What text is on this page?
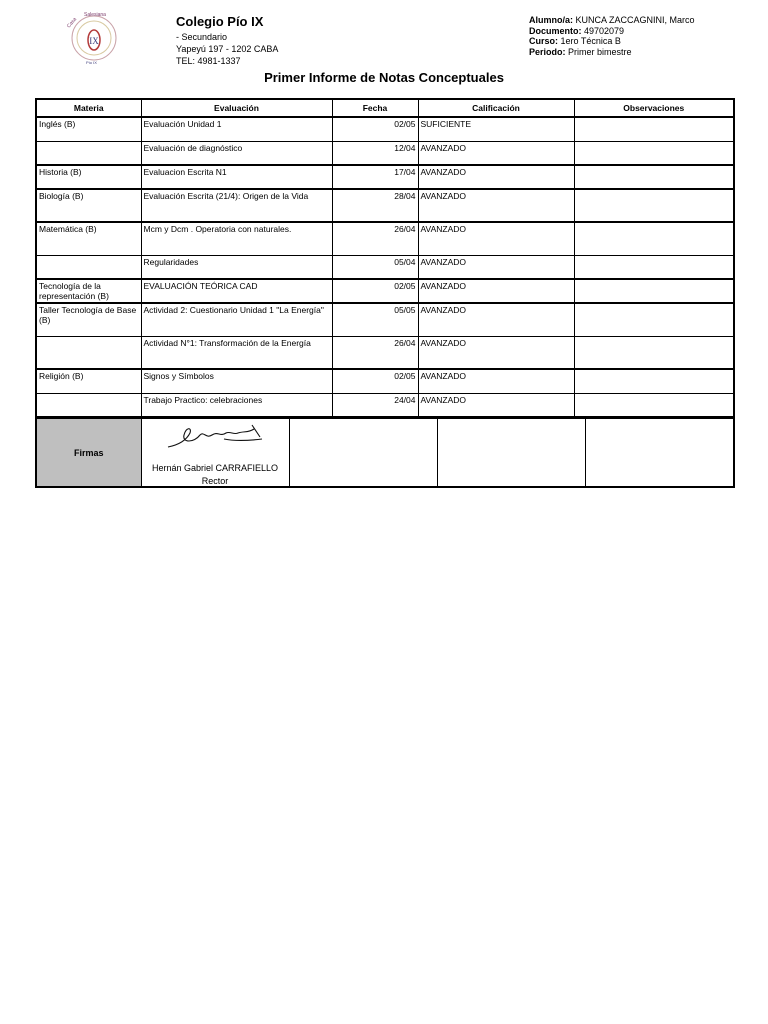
IX
Casa
Salesiana
Pío IX
Colegio Pío IX
- Secundario
Yapeyú 197 - 1202 CABA
TEL: 4981-1337
Alumno/a: KUNCA ZACCAGNINI, Marco
Documento: 49702079
Curso: 1ero Técnica B
Periodo: Primer bimestre
Primer Informe de Notas Conceptuales
Materia	Evaluación	Fecha	Calificación	Observaciones
Inglés (B)	Evaluación Unidad 1	02/05	SUFICIENTE	
	Evaluación de diagnóstico	12/04	AVANZADO	
Historia (B)	Evaluacion Escrita N1	17/04	AVANZADO	
Biología (B)	Evaluación Escrita (21/4): Origen de la Vida	28/04	AVANZADO	
Matemática (B)	Mcm y Dcm . Operatoria con naturales.	26/04	AVANZADO	
	Regularidades	05/04	AVANZADO	
Tecnología de la representación (B)	EVALUACIÓN TEÓRICA CAD	02/05	AVANZADO	
Taller Tecnología de Base (B)	Actividad 2: Cuestionario Unidad 1 "La Energía"	05/05	AVANZADO	
	Actividad N°1: Transformación de la Energía	26/04	AVANZADO	
Religión (B)	Signos y Símbolos	02/05	AVANZADO	
	Trabajo Practico: celebraciones	24/04	AVANZADO	
Firmas	
Hernán Gabriel CARRAFIELLO
Rector
